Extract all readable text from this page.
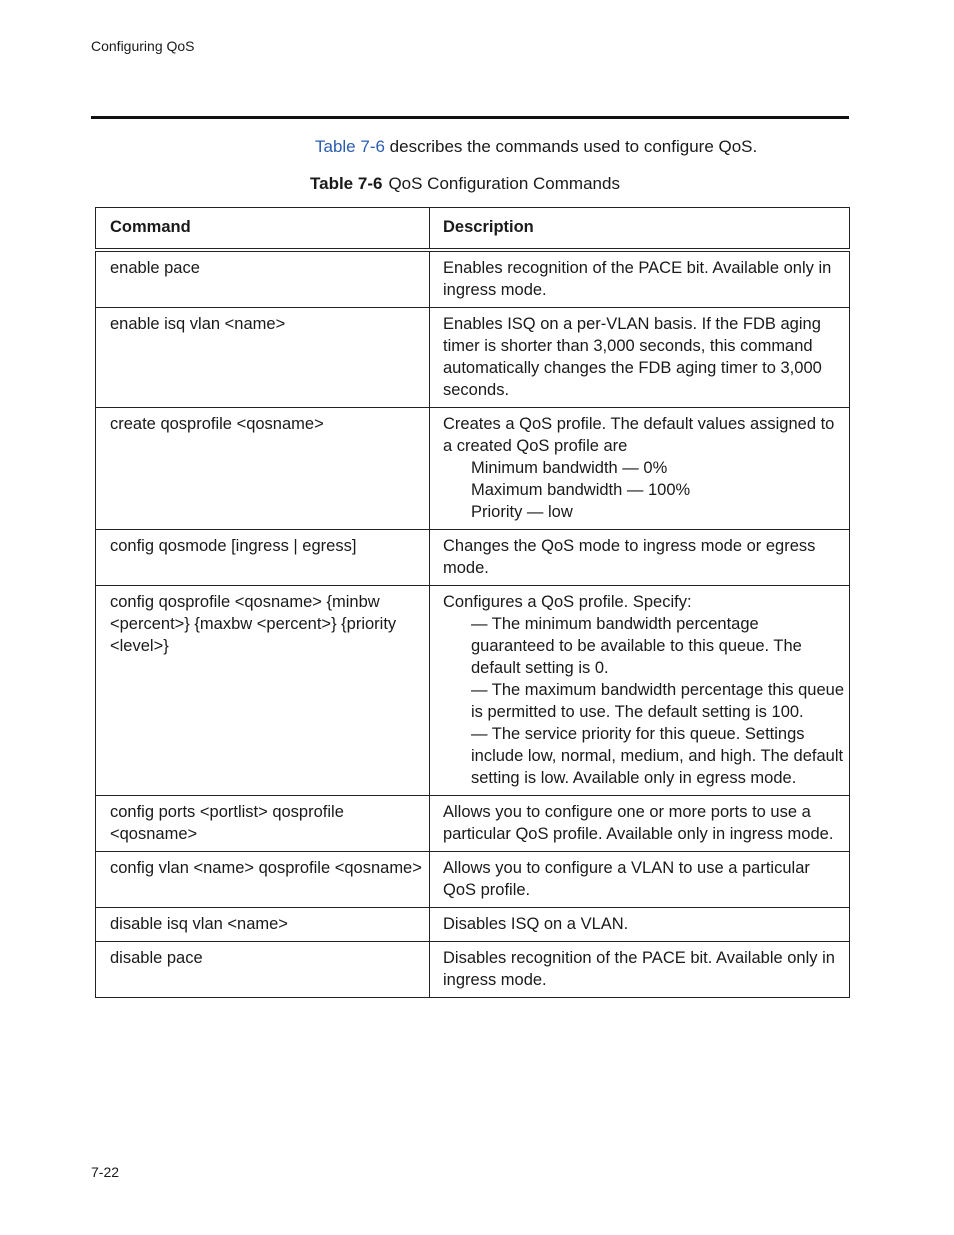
Configuring QoS
Table 7-6 describes the commands used to configure QoS.
Table 7-6 QoS Configuration Commands
Command	Description
enable pace	Enables recognition of the PACE bit. Available only in ingress mode.

enable isq vlan <name>	Enables ISQ on a per-VLAN basis. If the FDB aging timer is shorter than 3,000 seconds, this command automatically changes the FDB aging timer to 3,000 seconds.

create qosprofile <qosname>	Creates a QoS profile. The default values assigned to a created QoS profile are
Minimum bandwidth — 0%
Maximum bandwidth — 100%
Priority — low

config qosmode [ingress | egress]	Changes the QoS mode to ingress mode or egress mode.

config qosprofile <qosname> {minbw <percent>} {maxbw <percent>} {priority <level>}	Configures a QoS profile. Specify:
— The minimum bandwidth percentage guaranteed to be available to this queue. The default setting is 0.
— The maximum bandwidth percentage this queue is permitted to use. The default setting is 100.
— The service priority for this queue. Settings include low, normal, medium, and high. The default setting is low. Available only in egress mode.

config ports <portlist> qosprofile <qosname>	Allows you to configure one or more ports to use a particular QoS profile. Available only in ingress mode.

config vlan <name> qosprofile <qosname>	Allows you to configure a VLAN to use a particular QoS profile.

disable isq vlan <name>	Disables ISQ on a VLAN.

disable pace	Disables recognition of the PACE bit. Available only in ingress mode.
7-22
